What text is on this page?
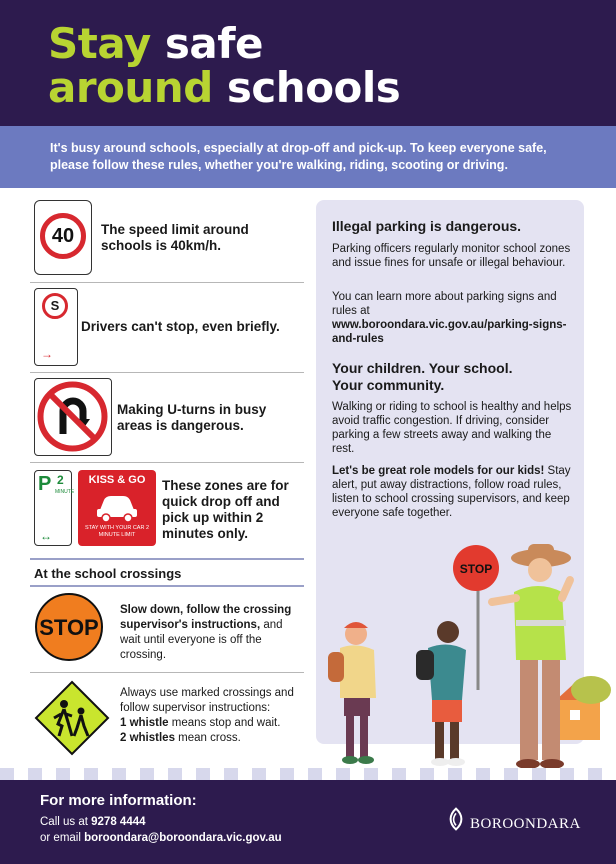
Stay safe
around schools
It's busy around schools, especially at drop-off and pick-up. To keep everyone safe, please follow these rules, whether you're walking, riding, scooting or driving.
40	The speed limit around schools is 40km/h.
S
→
Drivers can't stop, even briefly.
Making U-turns in busy areas is dangerous.
P 2
MINUTE
↔
KISS & GO
STAY WITH YOUR CAR 2 MINUTE LIMIT
These zones are for quick drop off and pick up within 2 minutes only.
At the school crossings
STOP
Slow down, follow the crossing supervisor's instructions, and wait until everyone is off the crossing.
Always use marked crossings and follow supervisor instructions:
1 whistle means stop and wait.
2 whistles mean cross.
Illegal parking is dangerous.
Parking officers regularly monitor school zones and issue fines for unsafe or illegal behaviour.
You can learn more about parking signs and rules at www.boroondara.vic.gov.au/parking-signs-and-rules
Your children. Your school.
Your community.
Walking or riding to school is healthy and helps avoid traffic congestion. If driving, consider parking a few streets away and walking the rest.
Let's be great role models for our kids! Stay alert, put away distractions, follow road rules, listen to school crossing supervisors, and keep everyone safe together.
STOP
For more information:
Call us at 9278 4444
or email boroondara@boroondara.vic.gov.au
BOROONDARA
